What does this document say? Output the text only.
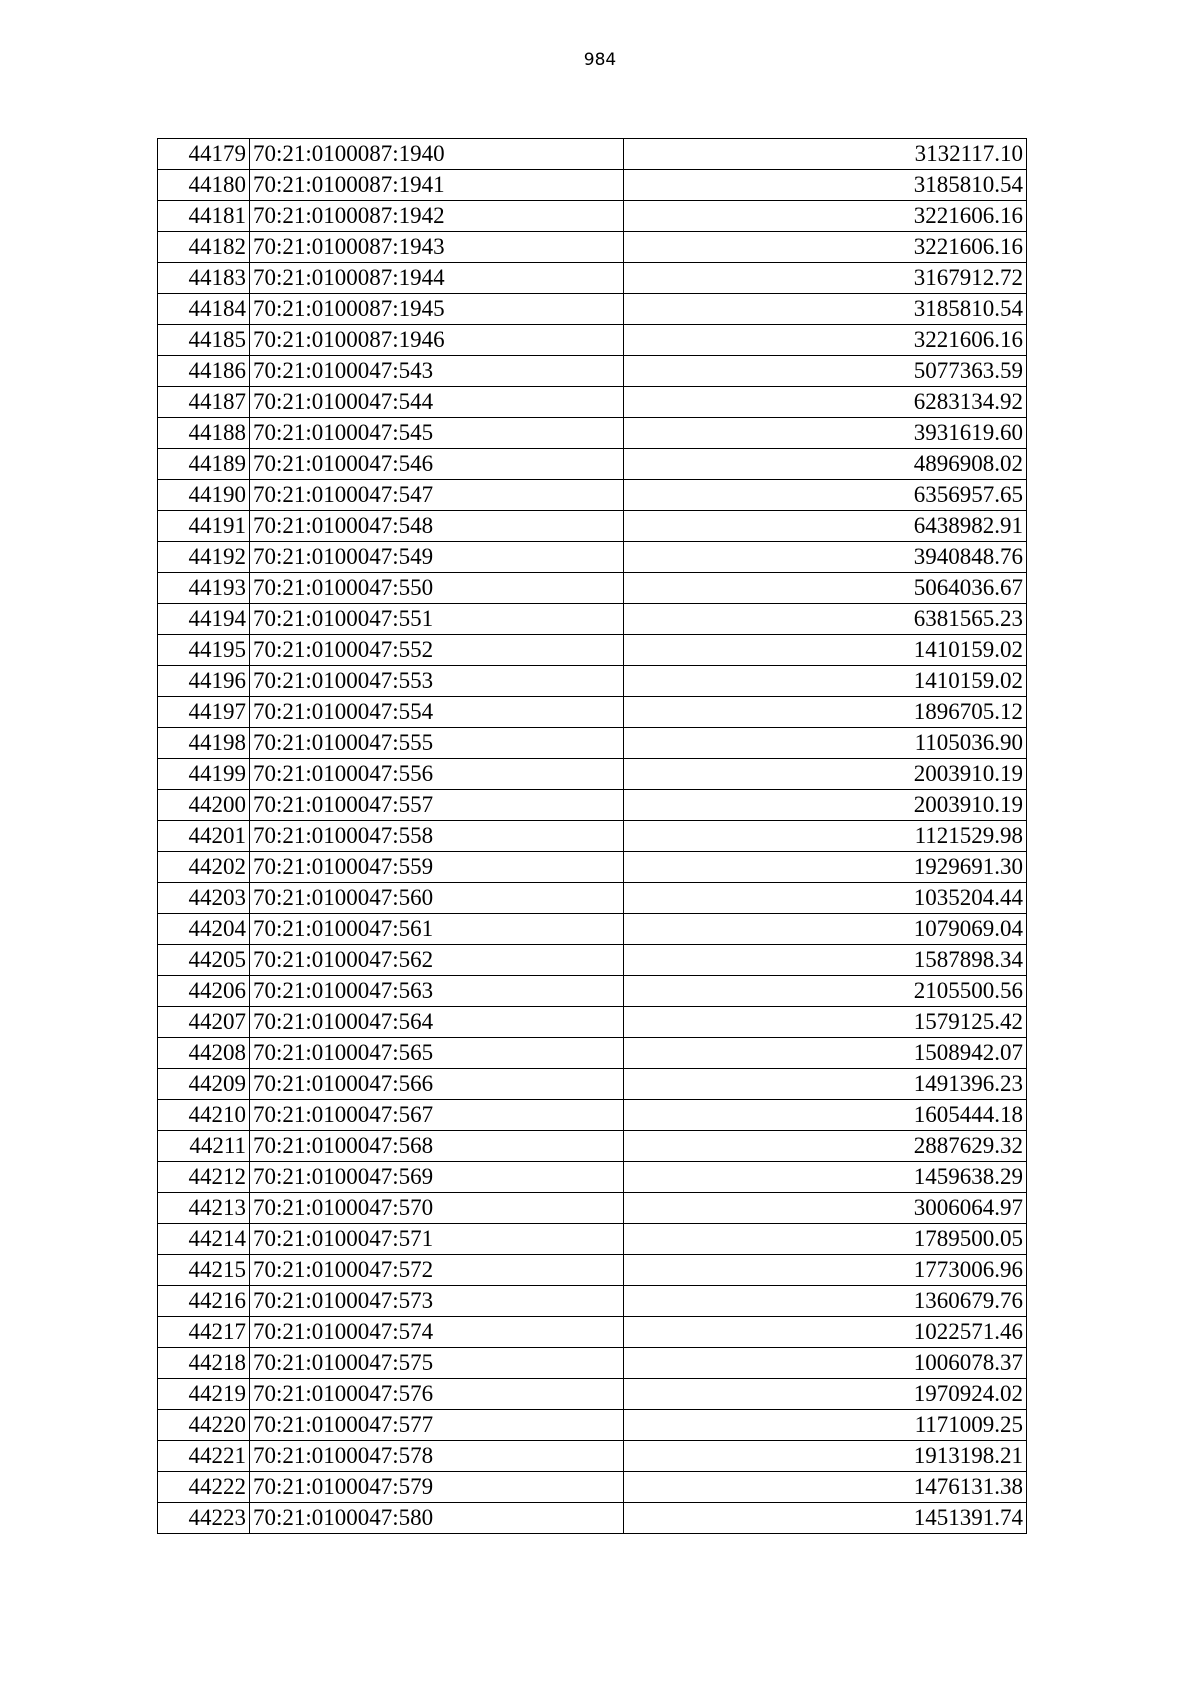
984
44179	70:21:0100087:1940	3132117.10
44180	70:21:0100087:1941	3185810.54
44181	70:21:0100087:1942	3221606.16
44182	70:21:0100087:1943	3221606.16
44183	70:21:0100087:1944	3167912.72
44184	70:21:0100087:1945	3185810.54
44185	70:21:0100087:1946	3221606.16
44186	70:21:0100047:543	5077363.59
44187	70:21:0100047:544	6283134.92
44188	70:21:0100047:545	3931619.60
44189	70:21:0100047:546	4896908.02
44190	70:21:0100047:547	6356957.65
44191	70:21:0100047:548	6438982.91
44192	70:21:0100047:549	3940848.76
44193	70:21:0100047:550	5064036.67
44194	70:21:0100047:551	6381565.23
44195	70:21:0100047:552	1410159.02
44196	70:21:0100047:553	1410159.02
44197	70:21:0100047:554	1896705.12
44198	70:21:0100047:555	1105036.90
44199	70:21:0100047:556	2003910.19
44200	70:21:0100047:557	2003910.19
44201	70:21:0100047:558	1121529.98
44202	70:21:0100047:559	1929691.30
44203	70:21:0100047:560	1035204.44
44204	70:21:0100047:561	1079069.04
44205	70:21:0100047:562	1587898.34
44206	70:21:0100047:563	2105500.56
44207	70:21:0100047:564	1579125.42
44208	70:21:0100047:565	1508942.07
44209	70:21:0100047:566	1491396.23
44210	70:21:0100047:567	1605444.18
44211	70:21:0100047:568	2887629.32
44212	70:21:0100047:569	1459638.29
44213	70:21:0100047:570	3006064.97
44214	70:21:0100047:571	1789500.05
44215	70:21:0100047:572	1773006.96
44216	70:21:0100047:573	1360679.76
44217	70:21:0100047:574	1022571.46
44218	70:21:0100047:575	1006078.37
44219	70:21:0100047:576	1970924.02
44220	70:21:0100047:577	1171009.25
44221	70:21:0100047:578	1913198.21
44222	70:21:0100047:579	1476131.38
44223	70:21:0100047:580	1451391.74
